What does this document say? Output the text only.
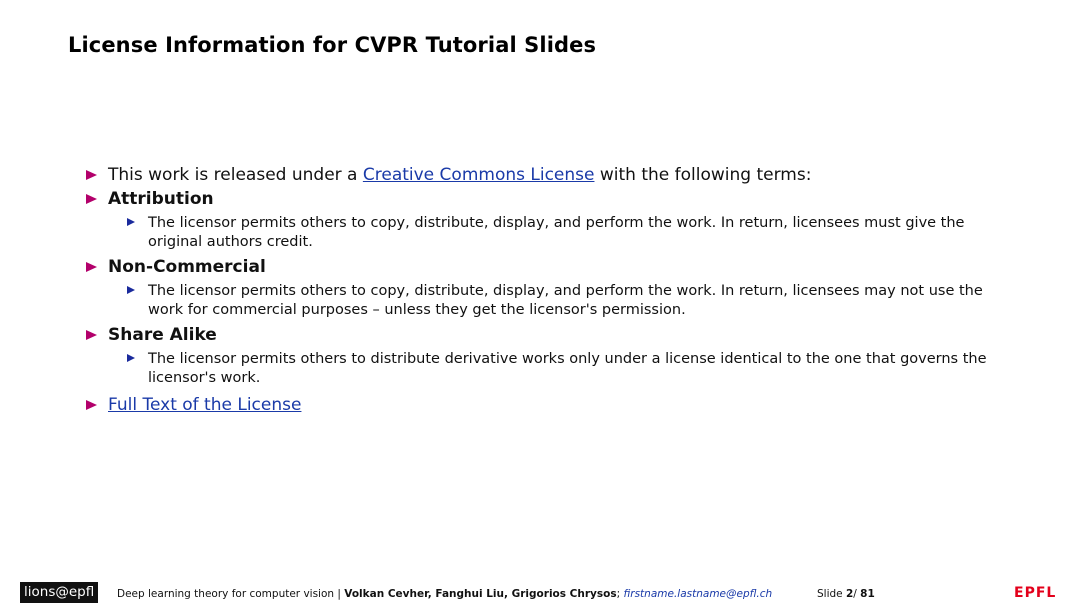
License Information for CVPR Tutorial Slides
This work is released under a Creative Commons License with the following terms:
Attribution
The licensor permits others to copy, distribute, display, and perform the work. In return, licensees must give the original authors credit.
Non-Commercial
The licensor permits others to copy, distribute, display, and perform the work. In return, licensees may not use the work for commercial purposes – unless they get the licensor's permission.
Share Alike
The licensor permits others to distribute derivative works only under a license identical to the one that governs the licensor's work.
Full Text of the License
lions@epfl	Deep learning theory for computer vision | Volkan Cevher, Fanghui Liu, Grigorios Chrysos; firstname.lastname@epfl.ch	Slide 2/ 81	EPFL
